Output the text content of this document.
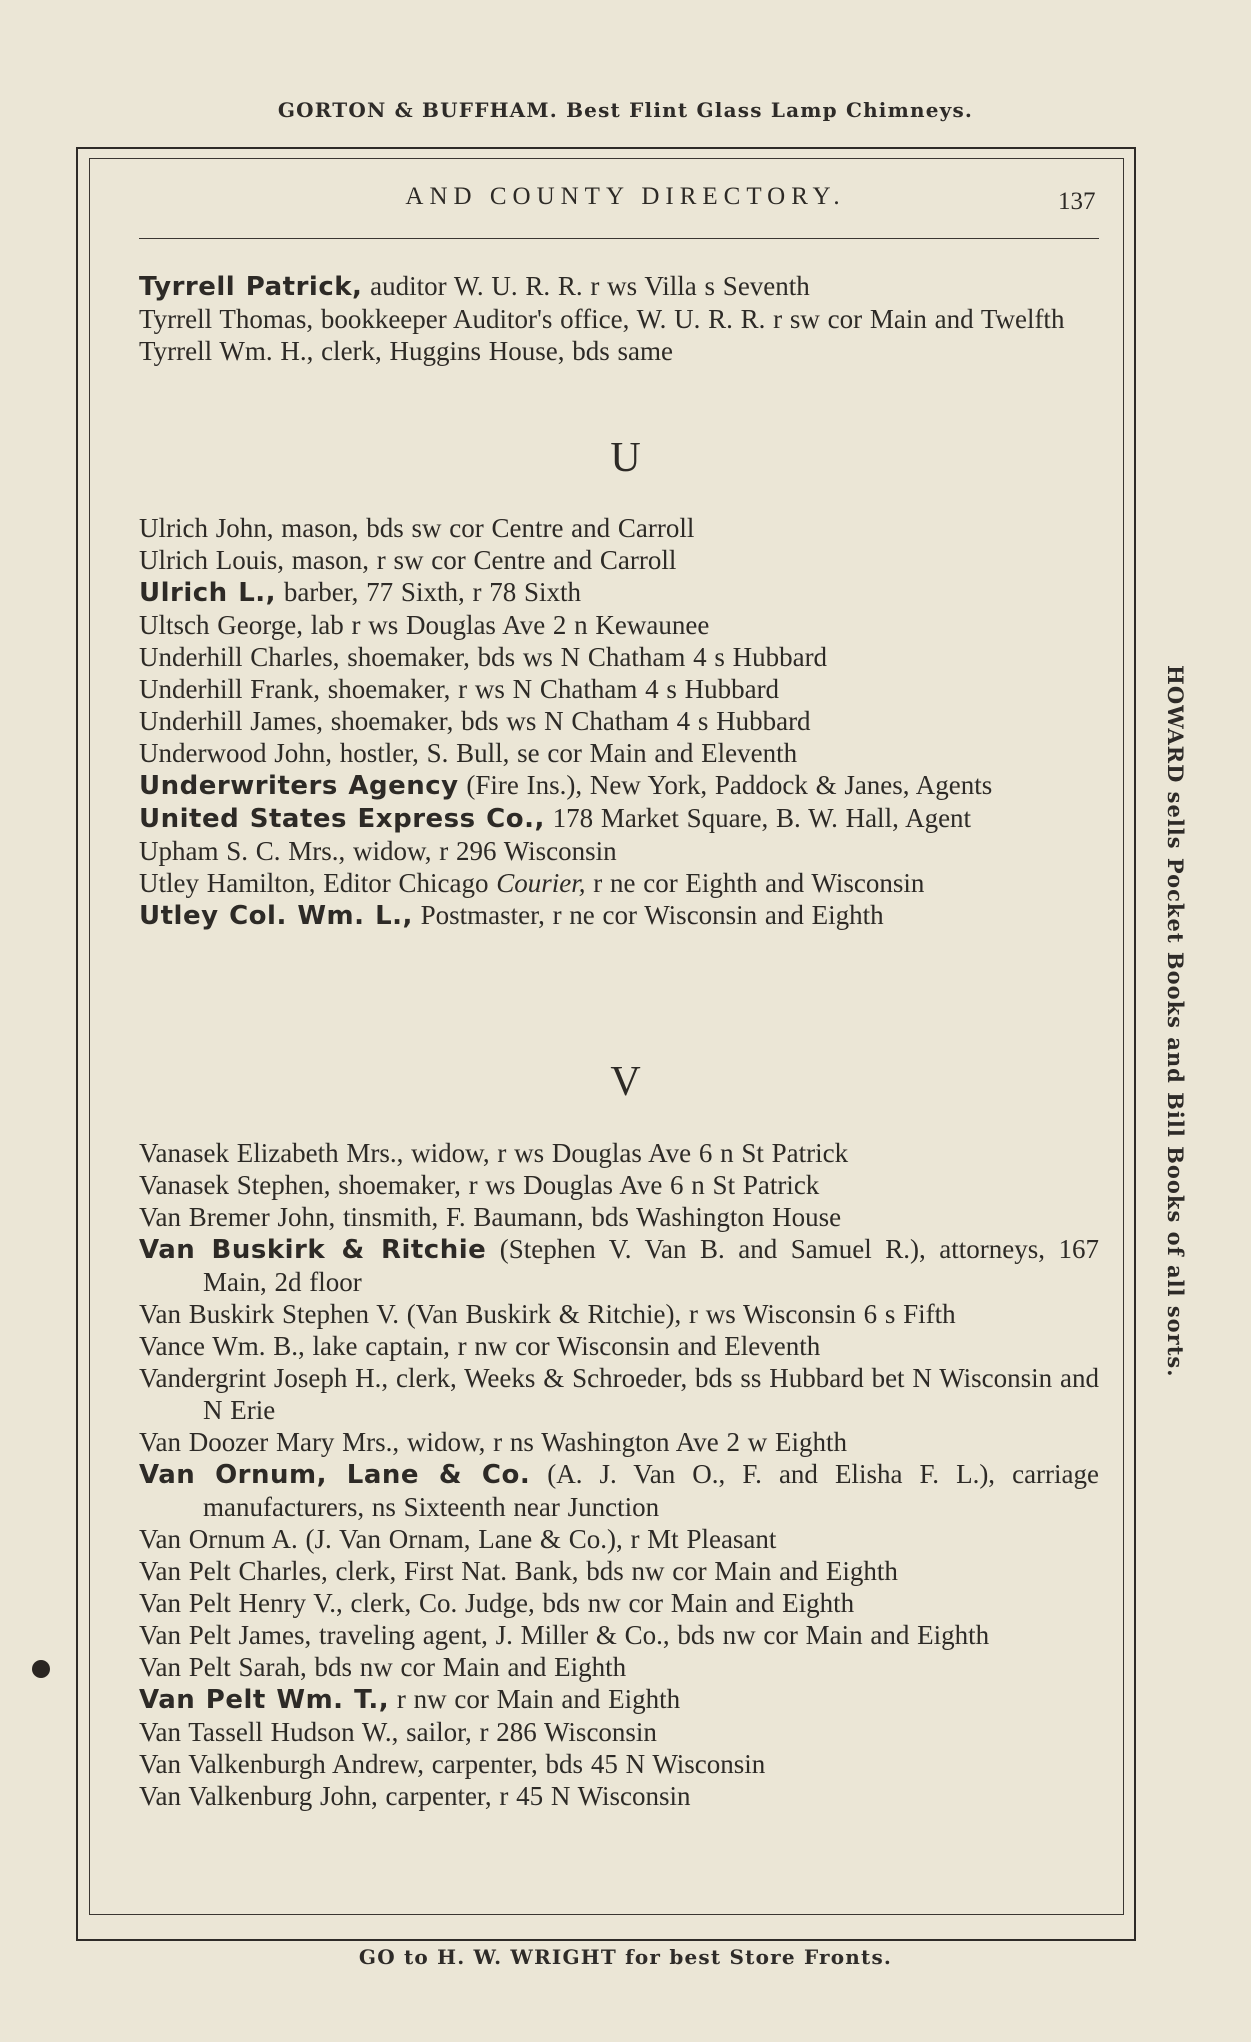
GORTON & BUFFHAM. Best Flint Glass Lamp Chimneys.
AND COUNTY DIRECTORY.	137
HOWARD sells Pocket Books and Bill Books of all sorts.
Tyrrell Patrick, auditor W. U. R. R. r ws Villa s Seventh
Tyrrell Thomas, bookkeeper Auditor's office, W. U. R. R. r sw cor Main and Twelfth
Tyrrell Wm. H., clerk, Huggins House, bds same
U
Ulrich John, mason, bds sw cor Centre and Carroll
Ulrich Louis, mason, r sw cor Centre and Carroll
Ulrich L., barber, 77 Sixth, r 78 Sixth
Ultsch George, lab r ws Douglas Ave 2 n Kewaunee
Underhill Charles, shoemaker, bds ws N Chatham 4 s Hubbard
Underhill Frank, shoemaker, r ws N Chatham 4 s Hubbard
Underhill James, shoemaker, bds ws N Chatham 4 s Hubbard
Underwood John, hostler, S. Bull, se cor Main and Eleventh
Underwriters Agency (Fire Ins.), New York, Paddock & Janes, Agents
United States Express Co., 178 Market Square, B. W. Hall, Agent
Upham S. C. Mrs., widow, r 296 Wisconsin
Utley Hamilton, Editor Chicago Courier, r ne cor Eighth and Wisconsin
Utley Col. Wm. L., Postmaster, r ne cor Wisconsin and Eighth
V
Vanasek Elizabeth Mrs., widow, r ws Douglas Ave 6 n St Patrick
Vanasek Stephen, shoemaker, r ws Douglas Ave 6 n St Patrick
Van Bremer John, tinsmith, F. Baumann, bds Washington House
Van Buskirk & Ritchie (Stephen V. Van B. and Samuel R.), attorneys, 167 Main, 2d floor
Van Buskirk Stephen V. (Van Buskirk & Ritchie), r ws Wisconsin 6 s Fifth
Vance Wm. B., lake captain, r nw cor Wisconsin and Eleventh
Vandergrint Joseph H., clerk, Weeks & Schroeder, bds ss Hubbard bet N Wisconsin and N Erie
Van Doozer Mary Mrs., widow, r ns Washington Ave 2 w Eighth
Van Ornum, Lane & Co. (A. J. Van O., F. and Elisha F. L.), carriage manufacturers, ns Sixteenth near Junction
Van Ornum A. (J. Van Ornam, Lane & Co.), r Mt Pleasant
Van Pelt Charles, clerk, First Nat. Bank, bds nw cor Main and Eighth
Van Pelt Henry V., clerk, Co. Judge, bds nw cor Main and Eighth
Van Pelt James, traveling agent, J. Miller & Co., bds nw cor Main and Eighth
Van Pelt Sarah, bds nw cor Main and Eighth
Van Pelt Wm. T., r nw cor Main and Eighth
Van Tassell Hudson W., sailor, r 286 Wisconsin
Van Valkenburgh Andrew, carpenter, bds 45 N Wisconsin
Van Valkenburg John, carpenter, r 45 N Wisconsin
GO to H. W. WRIGHT for best Store Fronts.
